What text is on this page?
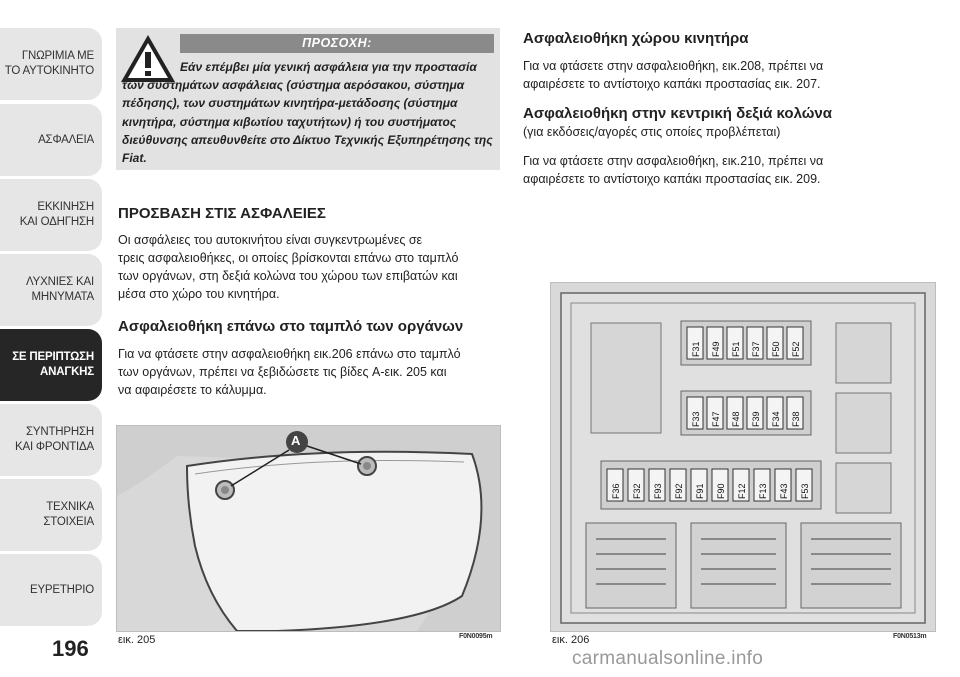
ΓΝΩΡΙΜΙΑ ΜΕ
ΤΟ ΑΥΤΟΚΙΝΗΤΟ
ΑΣΦΑΛΕΙΑ
ΕΚΚΙΝΗΣΗ
ΚΑΙ ΟΔΗΓΗΣΗ
ΛΥΧΝΙΕΣ ΚΑΙ
ΜΗΝΥΜΑΤΑ
ΣΕ ΠΕΡΙΠΤΩΣΗ
ΑΝΑΓΚΗΣ
ΣΥΝΤΗΡΗΣΗ
ΚΑΙ ΦΡΟΝΤΙΔΑ
ΤΕΧΝΙΚΑ
ΣΤΟΙΧΕΙΑ
ΕΥΡΕΤΗΡΙΟ
196
ΠΡΟΣΟΧΗ:
Εάν επέμβει μία γενική ασφάλεια για την προστασία των συστημάτων ασφάλειας (σύστημα αερόσακου, σύστημα πέδησης), των συστημάτων κινητήρα-μετάδοσης (σύστημα κινητήρα, σύστημα κιβωτίου ταχυτήτων) ή του συστήματος διεύθυνσης απευθυνθείτε στο Δίκτυο Τεχνικής Εξυπηρέτησης της Fiat.
ΠΡΟΣΒΑΣΗ ΣΤΙΣ ΑΣΦΑΛΕΙΕΣ

Οι ασφάλειες του αυτοκινήτου είναι συγκεντρωμένες σε

τρεις ασφαλειοθήκες, οι οποίες βρίσκονται επάνω στο ταμπλό

των οργάνων, στη δεξιά κολώνα του χώρου των επιβατών και

μέσα στο χώρο του κινητήρα.

Ασφαλειοθήκη επάνω στο ταμπλό των οργάνων

Για να φτάσετε στην ασφαλειοθήκη εικ.206 επάνω στο ταμπλό

των οργάνων, πρέπει να ξεβιδώσετε τις βίδες A-εικ. 205 και

να αφαιρέσετε το κάλυμμα.

Ασφαλειοθήκη χώρου κινητήρα

Για να φτάσετε στην ασφαλειοθήκη, εικ.208, πρέπει να

αφαιρέσετε το αντίστοιχο καπάκι προστασίας εικ. 207.

Ασφαλειοθήκη στην κεντρική δεξιά κολώνα

(για εκδόσεις/αγορές στις οποίες προβλέπεται)

Για να φτάσετε στην ασφαλειοθήκη, εικ.210, πρέπει να

αφαιρέσετε το αντίστοιχο καπάκι προστασίας εικ. 209.

A
εικ. 205	F0N0095m
F31 F49 F51 F37 F50 F52
F33 F47 F48 F39 F34 F38
F36 F32 F93 F92 F91 F90 F12 F13 F43 F53
εικ. 206	F0N0513m
carmanualsonline.info
